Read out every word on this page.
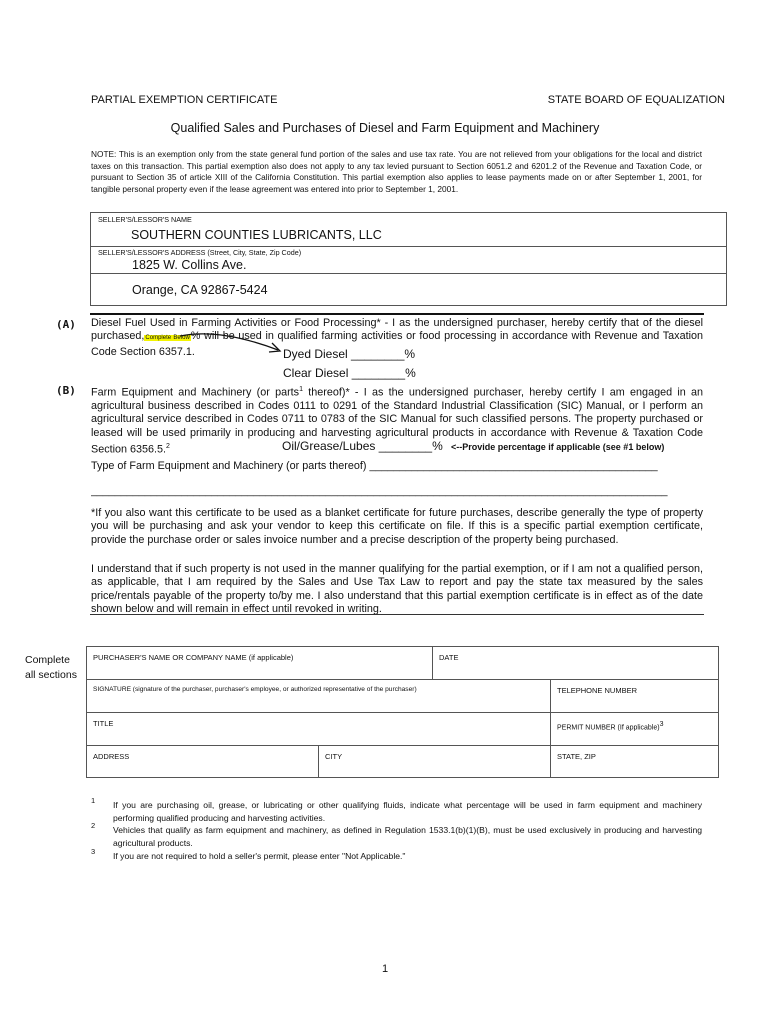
PARTIAL EXEMPTION CERTIFICATE	STATE BOARD OF EQUALIZATION
Qualified Sales and Purchases of Diesel and Farm Equipment and Machinery
NOTE: This is an exemption only from the state general fund portion of the sales and use tax rate. You are not relieved from your obligations for the local and district taxes on this transaction. This partial exemption also does not apply to any tax levied pursuant to Section 6051.2 and 6201.2 of the Revenue and Taxation Code, or pursuant to Section 35 of article XIII of the California Constitution. This partial exemption also applies to lease payments made on or after September 1, 2001, for tangible personal property even if the lease agreement was entered into prior to September 1, 2001.
SELLER'S/LESSOR'S NAME
SOUTHERN COUNTIES LUBRICANTS, LLC
SELLER'S/LESSOR'S ADDRESS (Street, City, State, Zip Code)
1825 W. Collins Ave.
Orange, CA 92867-5424
(A) Diesel Fuel Used in Farming Activities or Food Processing* - I as the undersigned purchaser, hereby certify that of the diesel purchased,Complete Below% will be used in qualified farming activities or food processing in accordance with Revenue and Taxation Code Section 6357.1.	Dyed Diesel ________%
Clear Diesel ________%
(B) Farm Equipment and Machinery (or parts$^1$ thereof)* - I as the undersigned purchaser, hereby certify I am engaged in an agricultural business described in Codes 0111 to 0291 of the Standard Industrial Classification (SIC) Manual, or I perform an agricultural service described in Codes 0711 to 0783 of the SIC Manual for such classified persons. The property purchased or leased will be used primarily in producing and harvesting agricultural products in accordance with Revenue & Taxation Code Section 6356.5.$^2$	Oil/Grease/Lubes ________% <--Provide percentage if applicable (see #1 below)
Type of Farm Equipment and Machinery (or parts thereof) ________________________________________________
________________________________________________________________________________________________
*If you also want this certificate to be used as a blanket certificate for future purchases, describe generally the type of property you will be purchasing and ask your vendor to keep this certificate on file. If this is a specific partial exemption certificate, provide the purchase order or sales invoice number and a precise description of the property being purchased.
I understand that if such property is not used in the manner qualifying for the partial exemption, or if I am not a qualified person, as applicable, that I am required by the Sales and Use Tax Law to report and pay the state tax measured by the sales price/rentals payable of the property to/by me. I also understand that this partial exemption certificate is in effect as of the date shown below and will remain in effect until revoked in writing.
Complete
all sections
PURCHASER'S NAME OR COMPANY NAME (if applicable)	DATE
SIGNATURE (signature of the purchaser, purchaser's employee, or authorized representative of the purchaser)	TELEPHONE NUMBER
TITLE	PERMIT NUMBER (If applicable)3
ADDRESS	CITY	STATE, ZIP
1 If you are purchasing oil, grease, or lubricating or other qualifying fluids, indicate what percentage will be used in farm equipment and machinery performing qualified producing and harvesting activities.
2 Vehicles that qualify as farm equipment and machinery, as defined in Regulation 1533.1(b)(1)(B), must be used exclusively in producing and harvesting agricultural products.
3 If you are not required to hold a seller's permit, please enter "Not Applicable."
1
